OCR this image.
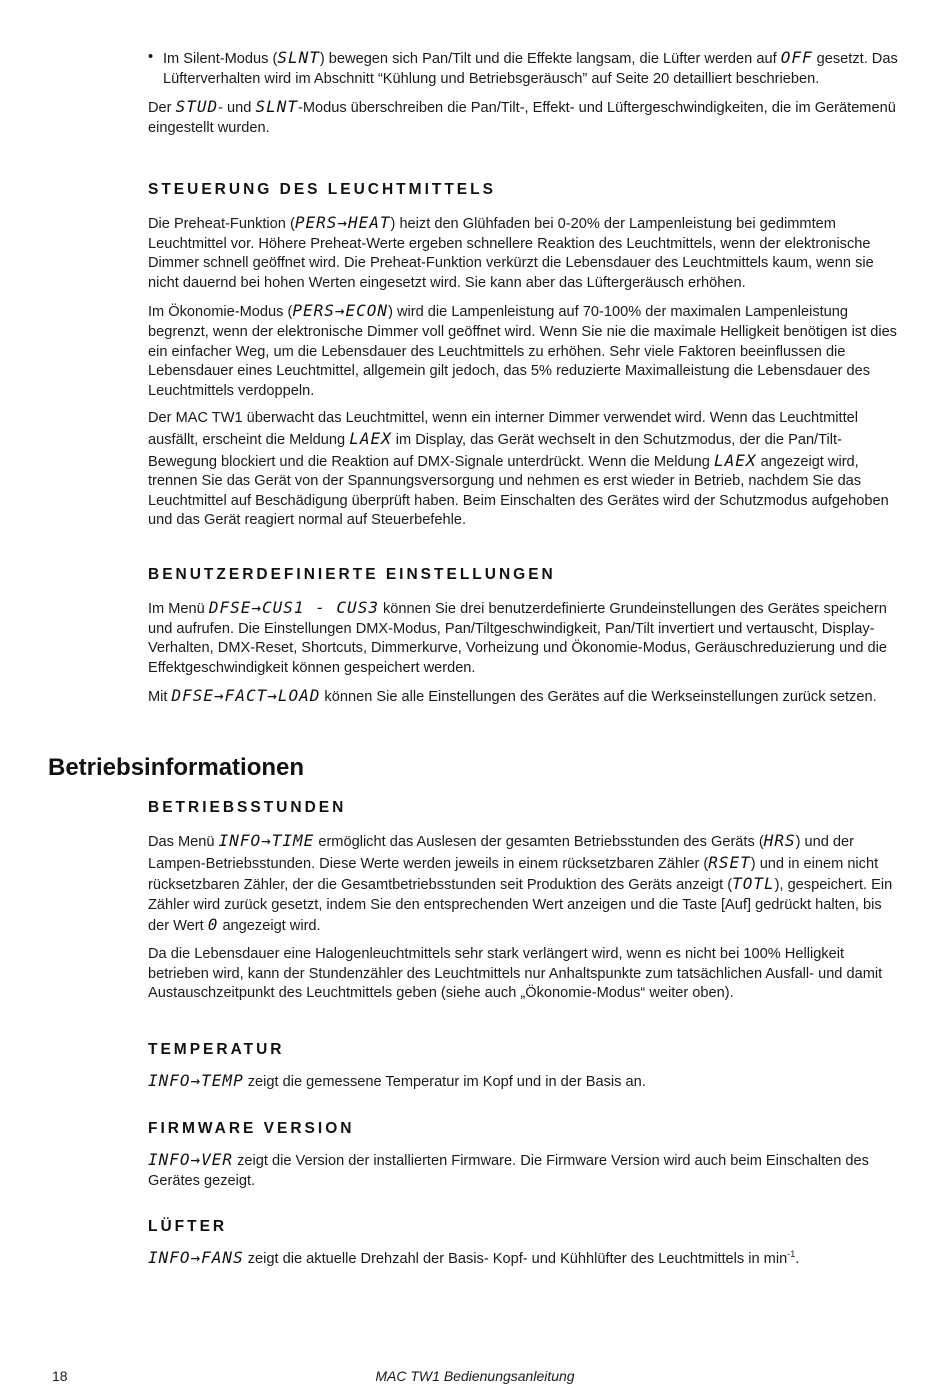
• Im Silent-Modus (SLNT) bewegen sich Pan/Tilt und die Effekte langsam, die Lüfter werden auf OFF gesetzt. Das Lüfterverhalten wird im Abschnitt “Kühlung und Betriebsgeräusch” auf Seite 20 detailliert beschrieben.

Der STUD- und SLNT-Modus überschreiben die Pan/Tilt-, Effekt- und Lüftergeschwindigkeiten, die im Gerätemenü eingestellt wurden.

STEUERUNG DES LEUCHTMITTELS

Die Preheat-Funktion (PERS→HEAT) heizt den Glühfaden bei 0-20% der Lampenleistung bei gedimmtem Leuchtmittel vor. Höhere Preheat-Werte ergeben schnellere Reaktion des Leuchtmittels, wenn der elektronische Dimmer schnell geöffnet wird. Die Preheat-Funktion verkürzt die Lebensdauer des Leuchtmittels kaum, wenn sie nicht dauernd bei hohen Werten eingesetzt wird. Sie kann aber das Lüftergeräusch erhöhen.

Im Ökonomie-Modus (PERS→ECON) wird die Lampenleistung auf 70-100% der maximalen Lampenleistung begrenzt, wenn der elektronische Dimmer voll geöffnet wird. Wenn Sie nie die maximale Helligkeit benötigen ist dies ein einfacher Weg, um die Lebensdauer des Leuchtmittels zu erhöhen. Sehr viele Faktoren beeinflussen die Lebensdauer eines Leuchtmittel, allgemein gilt jedoch, das 5% reduzierte Maximalleistung die Lebensdauer des Leuchtmittels verdoppeln.

Der MAC TW1 überwacht das Leuchtmittel, wenn ein interner Dimmer verwendet wird. Wenn das Leuchtmittel ausfällt, erscheint die Meldung LAEX im Display, das Gerät wechselt in den Schutzmodus, der die Pan/Tilt-Bewegung blockiert und die Reaktion auf DMX-Signale unterdrückt. Wenn die Meldung LAEX angezeigt wird, trennen Sie das Gerät von der Spannungsversorgung und nehmen es erst wieder in Betrieb, nachdem Sie das Leuchtmittel auf Beschädigung überprüft haben. Beim Einschalten des Gerätes wird der Schutzmodus aufgehoben und das Gerät reagiert normal auf Steuerbefehle.

BENUTZERDEFINIERTE EINSTELLUNGEN

Im Menü DFSE→CUS1 - CUS3 können Sie drei benutzerdefinierte Grundeinstellungen des Gerätes speichern und aufrufen. Die Einstellungen DMX-Modus, Pan/Tiltgeschwindigkeit, Pan/Tilt invertiert und vertauscht, Display-Verhalten, DMX-Reset, Shortcuts, Dimmerkurve, Vorheizung und Ökonomie-Modus, Geräuschreduzierung und die Effektgeschwindigkeit können gespeichert werden.

Mit DFSE→FACT→LOAD können Sie alle Einstellungen des Gerätes auf die Werkseinstellungen zurück setzen.

Betriebsinformationen
BETRIEBSSTUNDEN

Das Menü INFO→TIME ermöglicht das Auslesen der gesamten Betriebsstunden des Geräts (HRS) und der Lampen-Betriebsstunden. Diese Werte werden jeweils in einem rücksetzbaren Zähler (RSET) und in einem nicht rücksetzbaren Zähler, der die Gesamtbetriebsstunden seit Produktion des Geräts anzeigt (TOTL), gespeichert. Ein Zähler wird zurück gesetzt, indem Sie den entsprechenden Wert anzeigen und die Taste [Auf] gedrückt halten, bis der Wert 0 angezeigt wird.

Da die Lebensdauer eine Halogenleuchtmittels sehr stark verlängert wird, wenn es nicht bei 100% Helligkeit betrieben wird, kann der Stundenzähler des Leuchtmittels nur Anhaltspunkte zum tatsächlichen Ausfall- und damit Austauschzeitpunkt des Leuchtmittels geben (siehe auch „Ökonomie-Modus“ weiter oben).

TEMPERATUR

INFO→TEMP zeigt die gemessene Temperatur im Kopf und in der Basis an.

FIRMWARE VERSION

INFO→VER zeigt die Version der installierten Firmware. Die Firmware Version wird auch beim Einschalten des Gerätes gezeigt.

LÜFTER

INFO→FANS zeigt die aktuelle Drehzahl der Basis- Kopf- und Kühhlüfter des Leuchtmittels in $\min^{-1}$.

18	MAC TW1 Bedienungsanleitung
